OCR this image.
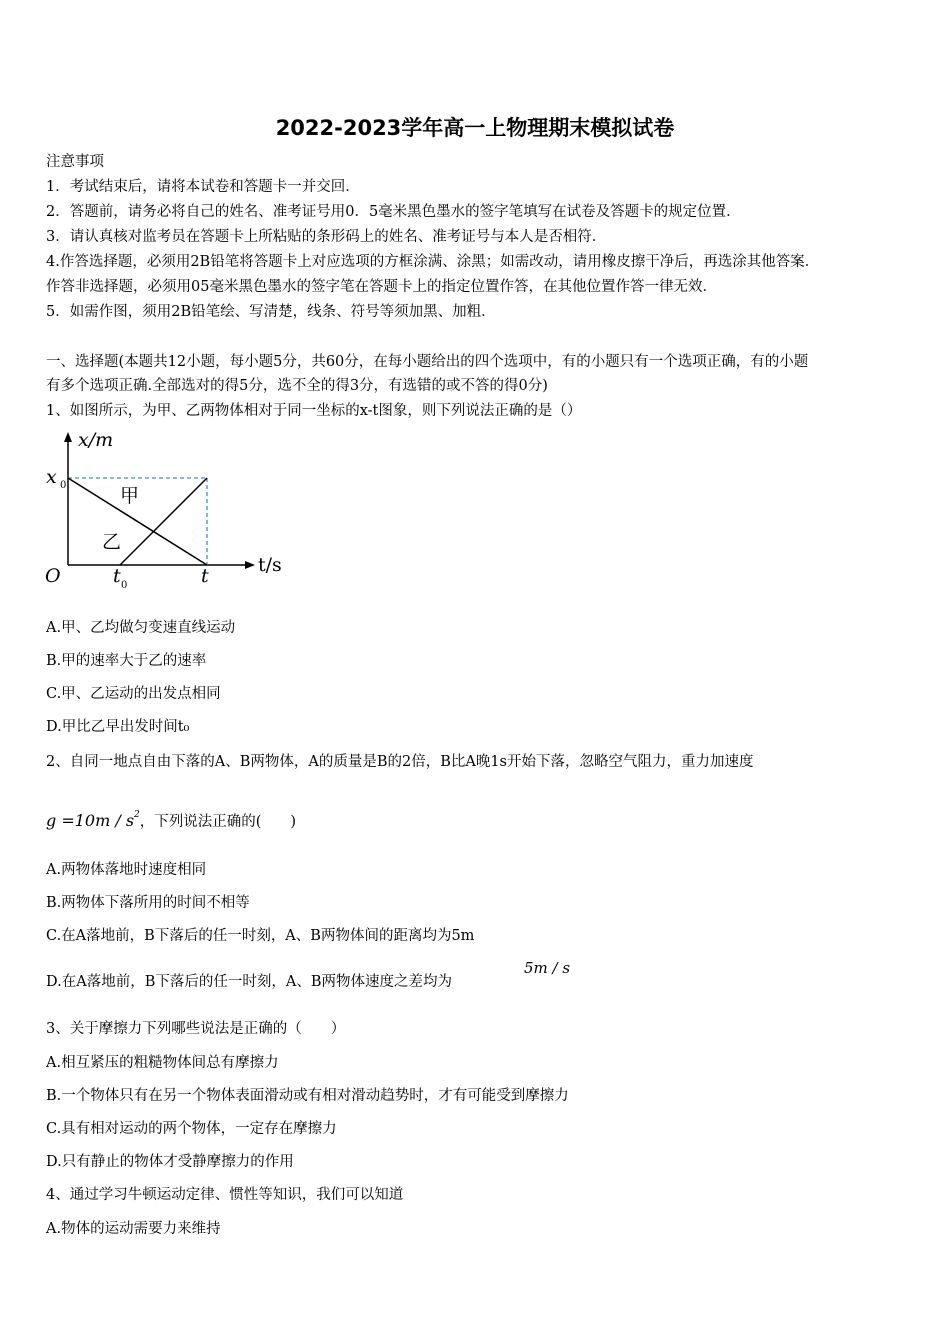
2022-2023学年高一上物理期末模拟试卷
注意事项
1．考试结束后，请将本试卷和答题卡一并交回．
2．答题前，请务必将自己的姓名、准考证号用0．5毫米黑色墨水的签字笔填写在试卷及答题卡的规定位置．
3．请认真核对监考员在答题卡上所粘贴的条形码上的姓名、准考证号与本人是否相符．
4.作答选择题，必须用2B铅笔将答题卡上对应选项的方框涂满、涂黑；如需改动，请用橡皮擦干净后，再选涂其他答案．
作答非选择题，必须用05毫米黑色墨水的签字笔在答题卡上的指定位置作答，在其他位置作答一律无效．
5．如需作图，须用2B铅笔绘、写清楚，线条、符号等须加黑、加粗．
一、选择题(本题共12小题，每小题5分，共60分，在每小题给出的四个选项中，有的小题只有一个选项正确，有的小题
有多个选项正确.全部选对的得5分，选不全的得3分，有选错的或不答的得0分)
1、如图所示，为甲、乙两物体相对于同一坐标的x-t图象，则下列说法正确的是（）
x/m
x 0	甲
乙
O	t 0	t	t/s
A.甲、乙均做匀变速直线运动
B.甲的速率大于乙的速率
C.甲、乙运动的出发点相同
D.甲比乙早出发时间t₀
2、自同一地点自由下落的A、B两物体，A的质量是B的2倍，B比A晚1s开始下落，忽略空气阻力，重力加速度
$g =10m / s^2$，下列说法正确的(　　)
A.两物体落地时速度相同
B.两物体下落所用的时间不相等
C.在A落地前，B下落后的任一时刻，A、B两物体间的距离均为5m
D.在A落地前，B下落后的任一时刻，A、B两物体速度之差均为
5m / s
3、关于摩擦力下列哪些说法是正确的（　　）
A.相互紧压的粗糙物体间总有摩擦力
B.一个物体只有在另一个物体表面滑动或有相对滑动趋势时，才有可能受到摩擦力
C.具有相对运动的两个物体，一定存在摩擦力
D.只有静止的物体才受静摩擦力的作用
4、通过学习牛顿运动定律、惯性等知识，我们可以知道
A.物体的运动需要力来维持
